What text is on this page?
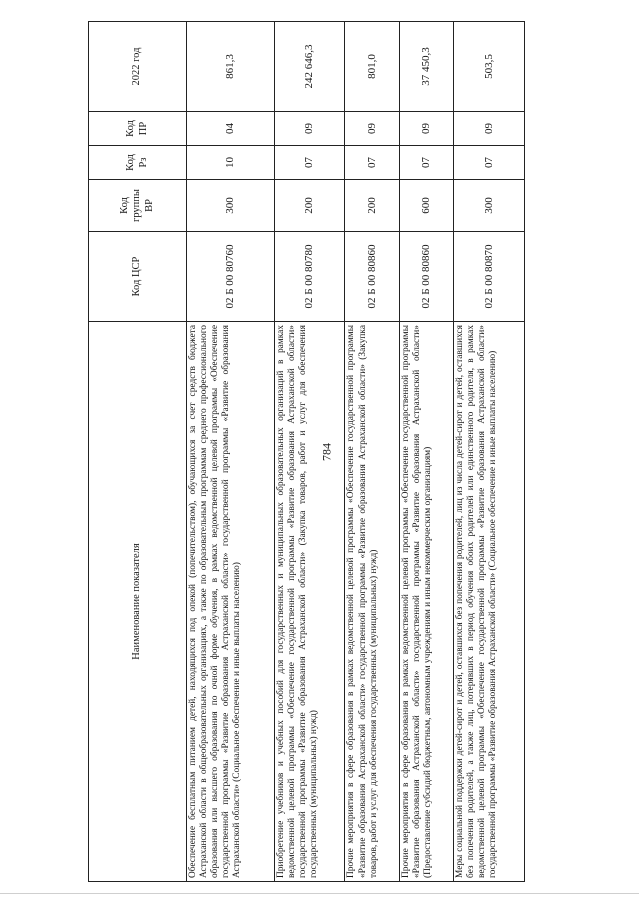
784
Наименование показателя	Код ЦСР	Код группы ВР	Код Рз	Код ПР	2022 год
Обеспечение бесплатным питанием детей, находящихся под опекой (попечительством), обучающихся за счет средств бюджета Астраханской области в общеобразовательных организациях, а также по образовательным программам среднего профессионального образования или высшего образования по очной форме обучения, в рамках ведомственной целевой программы «Обеспечение государственной программы «Развитие образования Астраханской области» государственной программы «Развитие образования Астраханской области» (Социальное обеспечение и иные выплаты населению)	02 Б 00 80760	300	10	04	861,3
Приобретение учебников и учебных пособий для государственных и муниципальных образовательных организаций в рамках ведомственной целевой программы «Обеспечение государственной программы «Развитие образования Астраханской области» государственной программы «Развитие образования Астраханской области» (Закупка товаров, работ и услуг для обеспечения государственных (муниципальных) нужд)	02 Б 00 80780	200	07	09	242 646,3
Прочие мероприятия в сфере образования в рамках ведомственной целевой программы «Обеспечение государственной программы «Развитие образования Астраханской области» государственной программы «Развитие образования Астраханской области» (Закупка товаров, работ и услуг для обеспечения государственных (муниципальных) нужд)	02 Б 00 80860	200	07	09	801,0
Прочие мероприятия в сфере образования в рамках ведомственной целевой программы «Обеспечение государственной программы «Развитие образования Астраханской области» государственной программы «Развитие образования Астраханской области» (Предоставление субсидий бюджетным, автономным учреждениям и иным некоммерческим организациям)	02 Б 00 80860	600	07	09	37 450,3
Меры социальной поддержки детей-сирот и детей, оставшихся без попечения родителей, лиц из числа детей-сирот и детей, оставшихся без попечения родителей, а также лиц, потерявших в период обучения обоих родителей или единственного родителя, в рамках ведомственной целевой программы «Обеспечение государственной программы «Развитие образования Астраханской области» государственной программы «Развитие образования Астраханской области» (Социальное обеспечение и иные выплаты населению)	02 Б 00 80870	300	07	09	503,5
